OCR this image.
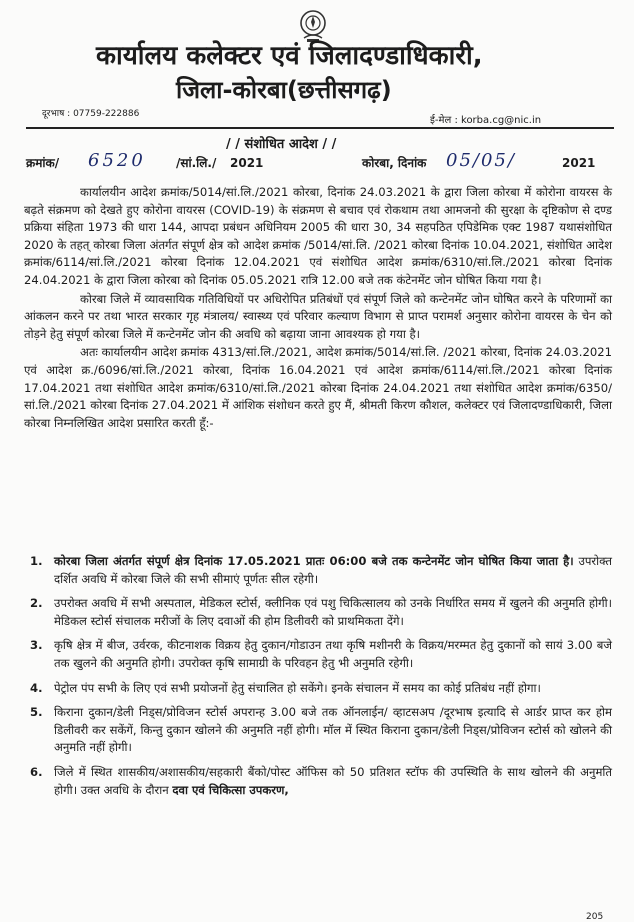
कार्यालय कलेक्टर एवं जिलादण्डाधिकारी,
जिला-कोरबा(छत्तीसगढ़)
दूरभाष : 07759-222886
ई-मेल : korba.cg@nic.in
/ / संशोधित आदेश / /
क्रमांक/ 6520	/सां.लि./ 2021	कोरबा, दिनांक 05/05/	2021

कार्यालयीन आदेश क्रमांक/5014/सां.लि./2021 कोरबा, दिनांक 24.03.2021 के द्वारा जिला कोरबा में कोरोना वायरस के बढ़ते संक्रमण को देखते हुए कोरोना वायरस (COVID-19) के संक्रमण से बचाव एवं रोकथाम तथा आमजनो की सुरक्षा के दृष्टिकोण से दण्ड प्रक्रिया संहिता 1973 की धारा 144, आपदा प्रबंधन अधिनियम 2005 की धारा 30, 34 सहपठित एपिडेमिक एक्ट 1987 यथासंशोधित 2020 के तहत् कोरबा जिला अंतर्गत संपूर्ण क्षेत्र को आदेश क्रमांक /5014/सां.लि. /2021 कोरबा दिनांक 10.04.2021, संशोधित आदेश क्रमांक/6114/सां.लि./2021 कोरबा दिनांक 12.04.2021 एवं संशोधित आदेश क्रमांक/6310/सां.लि./2021 कोरबा दिनांक 24.04.2021 के द्वारा जिला कोरबा को दिनांक 05.05.2021 रात्रि 12.00 बजे तक कंटेनमेंट जोन घोषित किया गया है।

कोरबा जिले में व्यावसायिक गतिविधियों पर अधिरोपित प्रतिबंधों एवं संपूर्ण जिले को कन्टेनमेंट जोन घोषित करने के परिणामों का आंकलन करने पर तथा भारत सरकार गृह मंत्रालय/ स्वास्थ्य एवं परिवार कल्याण विभाग से प्राप्त परामर्श अनुसार कोरोना वायरस के चेन को तोड़ने हेतु संपूर्ण कोरबा जिले में कन्टेनमेंट जोन की अवधि को बढ़ाया जाना आवश्यक हो गया है।

अतः कार्यालयीन आदेश क्रमांक 4313/सां.लि./2021, आदेश क्रमांक/5014/सां.लि. /2021 कोरबा, दिनांक 24.03.2021 एवं आदेश क्र./6096/सां.लि./2021 कोरबा, दिनांक 16.04.2021 एवं आदेश क्रमांक/6114/सां.लि./2021 कोरबा दिनांक 17.04.2021 तथा संशोधित आदेश क्रमांक/6310/सां.लि./2021 कोरबा दिनांक 24.04.2021 तथा संशोधित आदेश क्रमांक/6350/सां.लि./2021 कोरबा दिनांक 27.04.2021 में आंशिक संशोधन करते हुए मैं, श्रीमती किरण कौशल, कलेक्टर एवं जिलादण्डाधिकारी, जिला कोरबा निम्नलिखित आदेश प्रसारित करती हूँ:-

1. कोरबा जिला अंतर्गत संपूर्ण क्षेत्र दिनांक 17.05.2021 प्रातः 06:00 बजे तक कन्टेनमेंट जोन घोषित किया जाता है। उपरोक्त दर्शित अवधि में कोरबा जिले की सभी सीमाएं पूर्णतः सील रहेगी।
2. उपरोक्त अवधि में सभी अस्पताल, मेडिकल स्टोर्स, क्लीनिक एवं पशु चिकित्सालय को उनके निर्धारित समय में खुलने की अनुमति होगी। मेडिकल स्टोर्स संचालक मरीजों के लिए दवाओं की होम डिलीवरी को प्राथमिकता देंगे।
3. कृषि क्षेत्र में बीज, उर्वरक, कीटनाशक विक्रय हेतु दुकान/गोडाउन तथा कृषि मशीनरी के विक्रय/मरम्मत हेतु दुकानों को सायं 3.00 बजे तक खुलने की अनुमति होगी। उपरोक्त कृषि सामाग्री के परिवहन हेतु भी अनुमति रहेगी।
4. पेट्रोल पंप सभी के लिए एवं सभी प्रयोजनों हेतु संचालित हो सकेंगे। इनके संचालन में समय का कोई प्रतिबंध नहीं होगा।
5. किराना दुकान/डेली निड्स/प्रोविजन स्टोर्स अपरान्ह 3.00 बजे तक ऑनलाईन/ व्हाटसअप /दूरभाष इत्यादि से आर्डर प्राप्त कर होम डिलीवरी कर सकेंगें, किन्तु दुकान खोलने की अनुमति नहीं होगी। मॉल में स्थित किराना दुकान/डेली निड्स/प्रोविजन स्टोर्स को खोलने की अनुमति नहीं होगी।
6. जिले में स्थित शासकीय/अशासकीय/सहकारी बैंको/पोस्ट ऑफिस को 50 प्रतिशत स्टॉफ की उपस्थिति के साथ खोलने की अनुमति होगी। उक्त अवधि के दौरान दवा एवं चिकित्सा उपकरण,
205
